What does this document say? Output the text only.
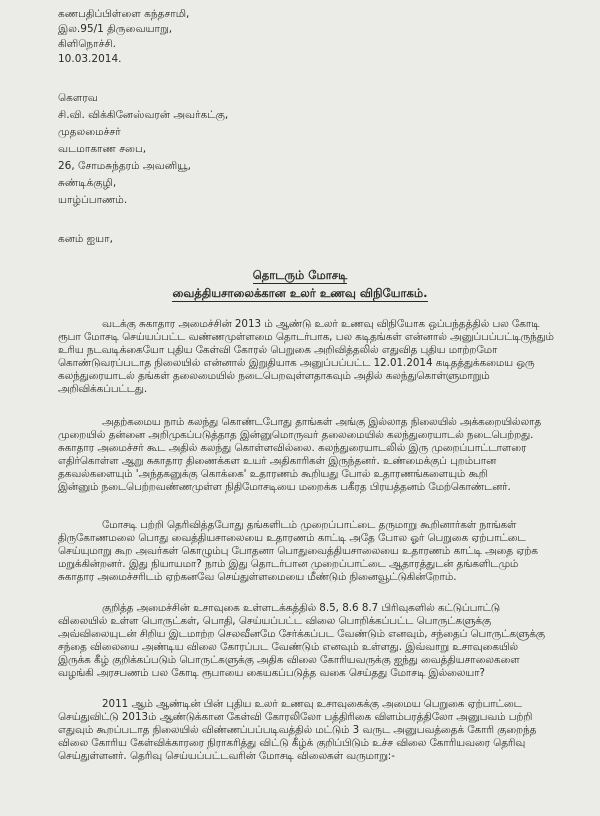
கணபதிப்பிள்ளை கந்தசாமி,
இல.95/1 திருவையாறு,
கிளிநொச்சி.
10.03.2014.
கௌரவ
சி.வி. விக்கினேஸ்வரன் அவர்கட்கு,
முதலமைச்சர்
வடமாகாண சபை,
26, சோமசுந்தரம் அவனியூ,
சுண்டிக்குழி,
யாழ்ப்பாணம்.
கனம் ஐயா,
தொடரும் மோசடி
வைத்தியசாலைக்கான உலர் உணவு விநியோகம்.
வடக்கு சுகாதார அமைச்சின் 2013 ம் ஆண்டு உலர் உணவு விநியோக ஒப்பந்தத்தில் பல கோடி
ரூபா மோசடி செய்யப்பட்ட வண்ணமுள்ளமை தொடர்பாக, பல கடிதங்கள் என்னால் அனுப்பப்பட்டிருந்தும்
உரிய நடவடிக்கையோ புதிய கேள்வி கோரல் பெறுகை அறிவித்தலில் எதுவித புதிய மாற்றமோ
கொண்டுவரப்படாத நிலையில் என்னால் இறுதியாக அனுப்பப்பட்ட 12.01.2014 கடிதத்துக்கமைய ஒரு
கலந்துரையாடல் தங்கள் தலைமையில் நடைபெறவுள்ளதாகவும் அதில் கலந்துகொள்ளுமாறும்
அறிவிக்கப்பட்டது.
அதற்கமைய நாம் கலந்து கொண்டபோது தாங்கள் அங்கு இல்லாத நிலையில் அக்கறையில்லாத
முறையில் தன்னை அறிமுகப்படுத்தாத இன்னுமொருவர் தலைமையில் கலந்துரையாடல் நடைபெற்றது.
சுகாதார அமைச்சர் கூட அதில் கலந்து கொள்ளவில்லை. கலந்துரையாடலில் இரு முறைப்பாட்டாளரை
எதிர்கொள்ள ஆறு சுகாதார திணைக்கள உயர் அதிகாரிகள் இருந்தனர். உண்மைக்குப் புறம்பான
தகவல்களையும் 'அந்தகனுக்கு கொக்கை' உதாரணம் கூறியது போல் உதாரணங்களையும் கூறி
இன்னும் நடைபெற்றவண்ணமுள்ள நிதிமோசடியை மறைக்க பகீரத பிரயத்தனம் மேற்கொண்டனர்.
மோசடி பற்றி தெரிவித்தபோது தங்களிடம் முறைப்பாட்டை தருமாறு கூறினார்கள் நாங்கள்
திருகோணமலை பொது வைத்தியசாலையை உதாரணம் காட்டி அதே போல ஓர் பெறுகை ஏற்பாட்டை
செய்யுமாறு கூற அவர்கள் கொழும்பு போதனா பொதுவைத்தியசாலையை உதாரணம் காட்டி அதை ஏற்க
மறுக்கின்றனர். இது நியாயமா? நாம் இது தொடர்பான முறைப்பாட்டை ஆதாரத்துடன் தங்களிடமும்
சுகாதார அமைச்சரிடம் ஏற்கனவே செய்துள்ளமையை மீண்டும் நினைவூட்டுகின்றோம்.
குறித்த அமைச்சின் உசாவுகை உள்ளடக்கத்தில் 8.5, 8.6 8.7 பிரிவுகளில் கட்டுப்பாட்டு
விலையில் உள்ள பொருட்கள், பொதி, செய்யப்பட்ட விலை பொறிக்கப்பட்ட பொருட்களுக்கு
அவ்விலையுடன் சிறிய இடமாற்ற செலவீனமே சேர்க்கப்பட வேண்டும் எனவும், சந்தைப் பொருட்களுக்கு
சந்தை விலையை அண்டிய விலை கோரப்பட வேண்டும் எனவும் உள்ளது. இவ்வாறு உசாவுகையில்
இருக்க கீழ் குறிக்கப்படும் பொருட்களுக்கு அதிக விலை கோரியவருக்கு ஐந்து வைத்தியசாலைகளை
வழங்கி அரசபணம் பல கோடி ரூபாயை கையகப்படுத்த வகை செய்தது மோசடி இல்லையா?
2011 ஆம் ஆண்டின் பின் புதிய உலர் உணவு உசாவுகைக்கு அமைய பெறுகை ஏற்பாட்டை
செய்துவிட்டு 2013ம் ஆண்டுக்கான கேள்வி கோரலிலோ பத்திரிகை விளம்பரத்திலோ அனுபவம் பற்றி
எதுவும் கூறப்படாத நிலையில் விண்ணப்பப்படிவத்தில் மட்டும் 3 வருட அனுபவத்தைக் கோரி குறைந்த
விலை கோரிய கேள்விக்காரரை நிராகரித்து விட்டு கீழ்க் குறிப்பிடும் உச்ச விலை கோரியவரை தெரிவு
செய்துள்ளனர். தெரிவு செய்யப்பட்டவரின் மோசடி விலைகள் வருமாறு:-
